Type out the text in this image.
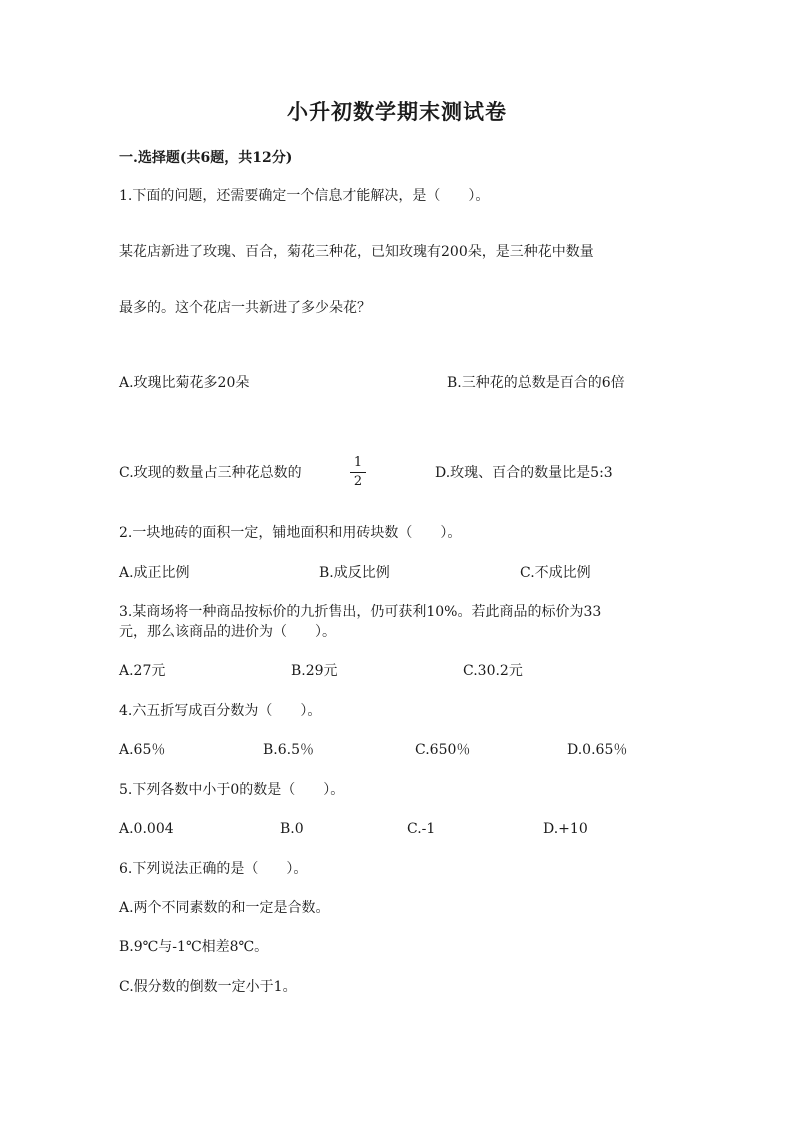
小升初数学期末测试卷
一.选择题(共6题，共12分)
1.下面的问题，还需要确定一个信息才能解决，是（　　）。
某花店新进了玫瑰、百合，菊花三种花，已知玫瑰有200朵，是三种花中数量
最多的。这个花店一共新进了多少朵花？
A.玫瑰比菊花多20朵	B.三种花的总数是百合的6倍
C.玫现的数量占三种花总数的
1
2
D.玫瑰、百合的数量比是5:3
2.一块地砖的面积一定，铺地面积和用砖块数（　　）。
A.成正比例	B.成反比例	C.不成比例
3.某商场将一种商品按标价的九折售出，仍可获利10%。若此商品的标价为33
元，那么该商品的进价为（　　）。
A.27元	B.29元	C.30.2元
4.六五折写成百分数为（　　）。
A.65％	B.6.5％	C.650％	D.0.65％
5.下列各数中小于0的数是（　　）。
A.0.004	B.0	C.-1	D.+10
6.下列说法正确的是（　　）。
A.两个不同素数的和一定是合数。
B.9℃与-1℃相差8℃。
C.假分数的倒数一定小于1。
